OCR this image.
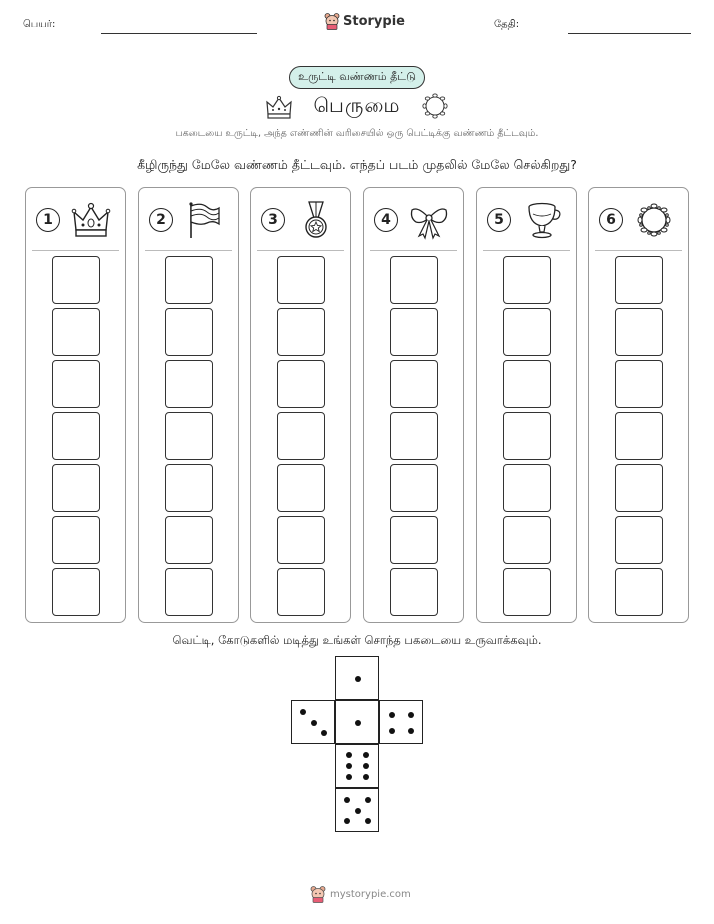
பெயர்:	Storypie	தேதி:
உருட்டி வண்ணம் தீட்டு
பெருமை
பகடையை உருட்டி, அந்த எண்ணின் வரிசையில் ஒரு பெட்டிக்கு வண்ணம் தீட்டவும்.
கீழிருந்து மேலே வண்ணம் தீட்டவும். எந்தப் படம் முதலில் மேலே செல்கிறது?
1	2	3	4	5	6
வெட்டி, கோடுகளில் மடித்து உங்கள் சொந்த பகடையை உருவாக்கவும்.
mystorypie.com
